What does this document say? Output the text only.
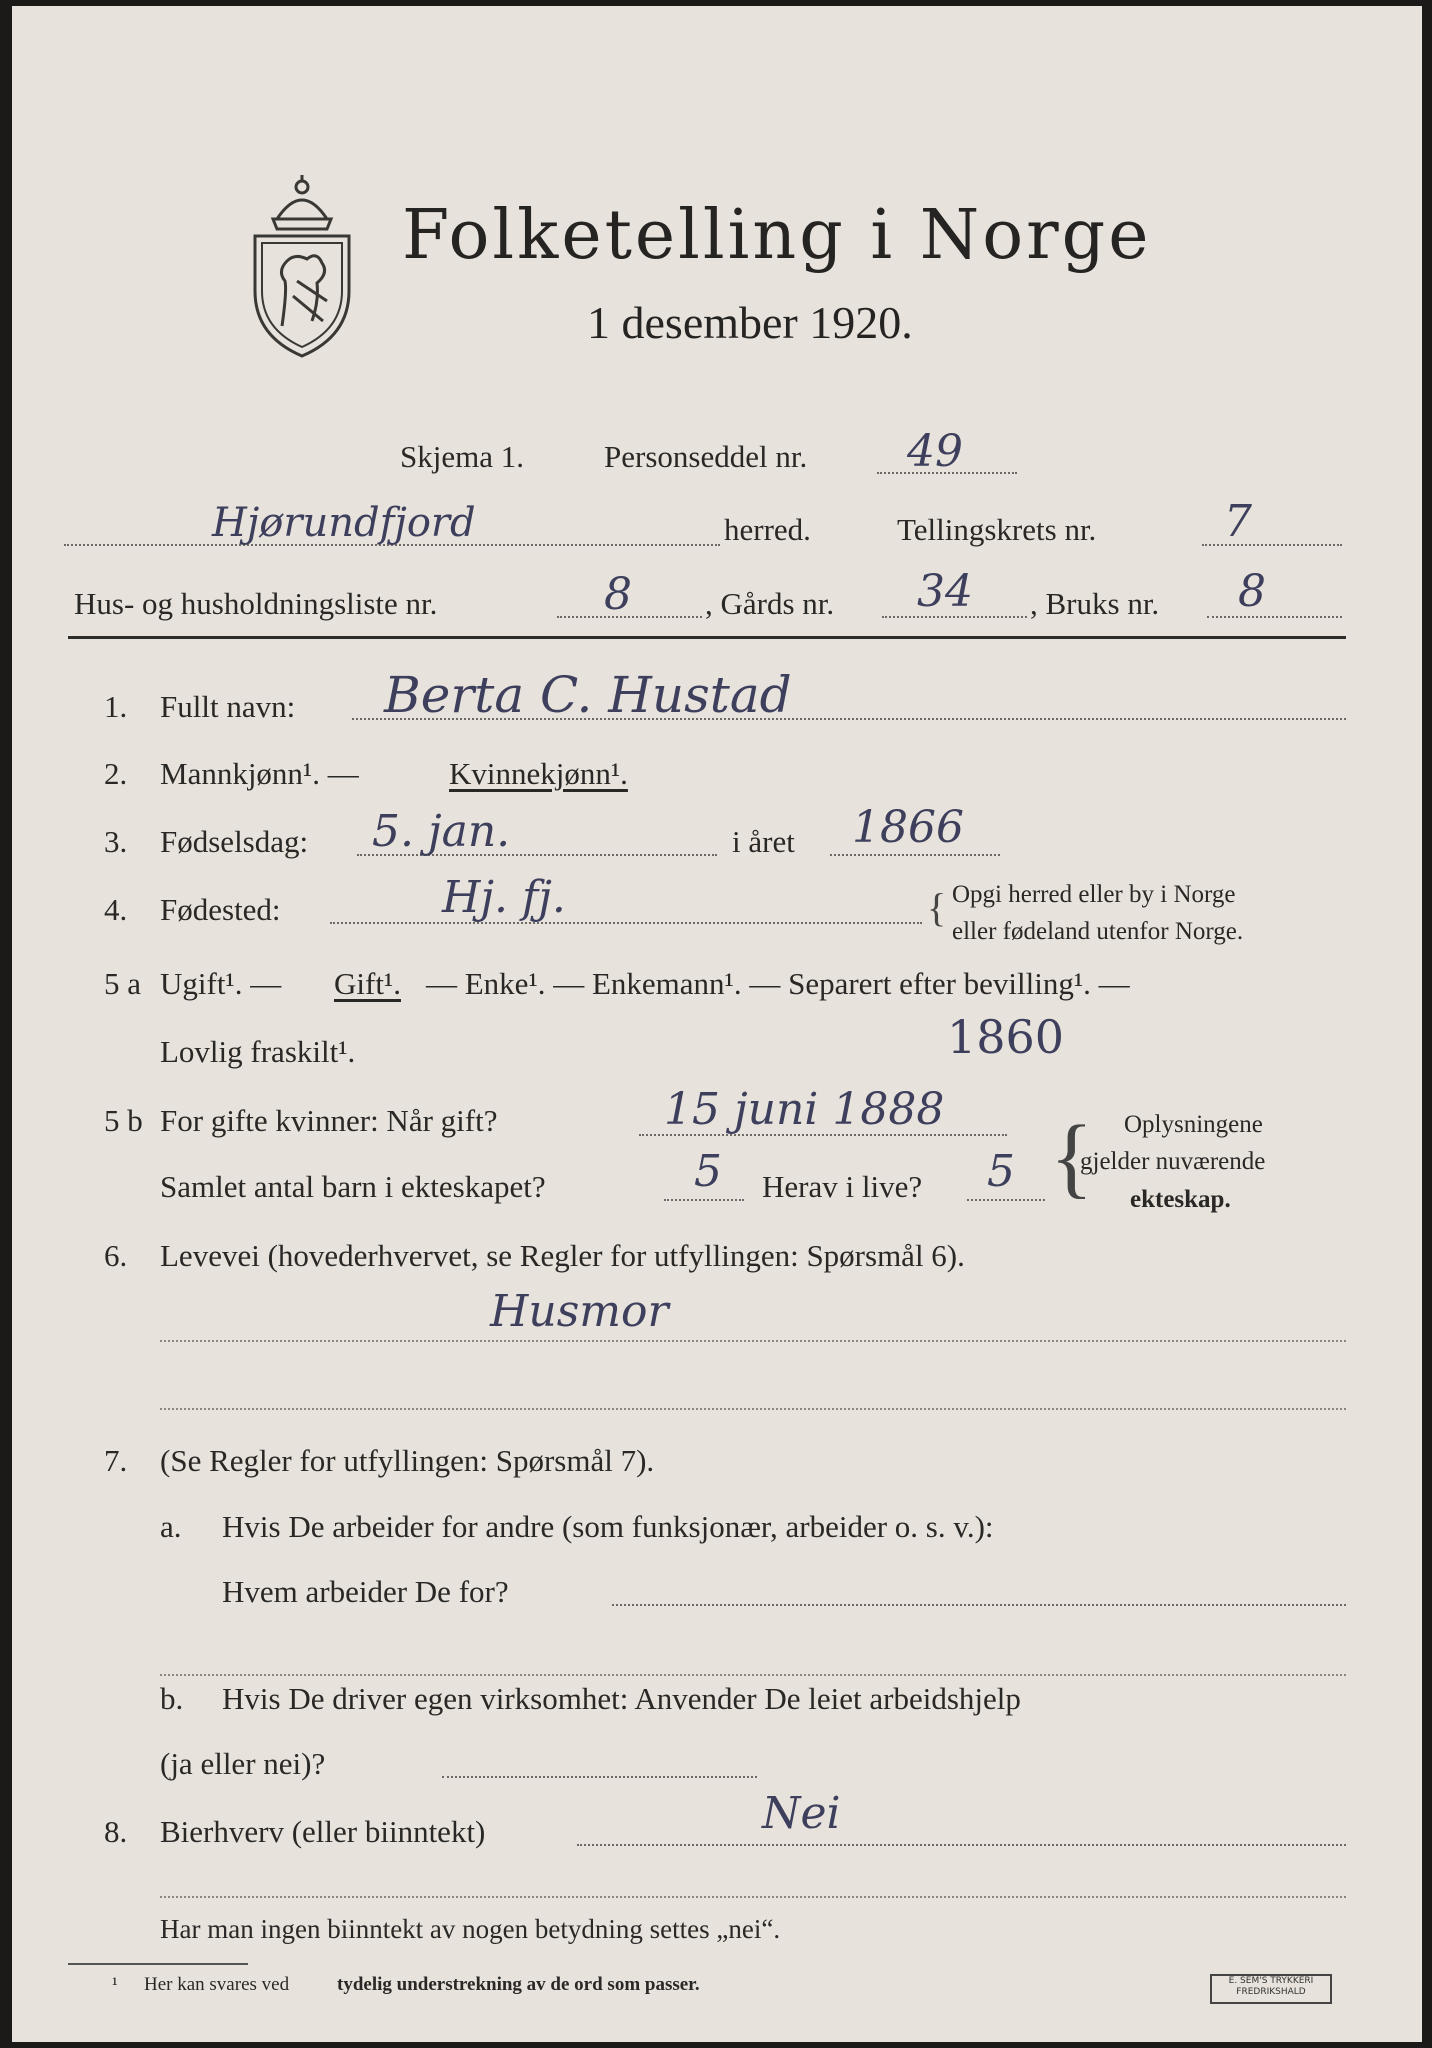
Folketelling i Norge
1 desember 1920.
Skjema 1.	Personseddel nr. 49
Hjørundfjord	herred.	Tellingskrets nr.	7
Hus- og husholdningsliste nr.	8 , Gårds nr. 34 , Bruks nr. 8
1. Fullt navn: Berta C. Hustad
2. Mannkjønn¹. —	Kvinnekjønn¹.
3. Fødselsdag: 5. jan.	i året 1866
4. Fødested:	Hj. fj.	{ Opgi herred eller by i Norge
eller fødeland utenfor Norge.
5 a Ugift¹. — Gift¹. — Enke¹. — Enkemann¹. — Separert efter bevilling¹. —
Lovlig fraskilt¹.	1860
5 b For gifte kvinner: Når gift?	15 juni 1888
Samlet antal barn i ekteskapet?	5 Herav i live? 5 { Oplysningene
gjelder nuværende
ekteskap.
6. Levevei (hovederhvervet, se Regler for utfyllingen: Spørsmål 6).
Husmor
7. (Se Regler for utfyllingen: Spørsmål 7).
a. Hvis De arbeider for andre (som funksjonær, arbeider o. s. v.):
Hvem arbeider De for?
b. Hvis De driver egen virksomhet: Anvender De leiet arbeidshjelp
(ja eller nei)?
8. Bierhverv (eller biinntekt)	Nei
Har man ingen biinntekt av nogen betydning settes „nei“.
¹ Her kan svares ved	tydelig understrekning av de ord som passer.	E. SEM'S TRYKKERI
FREDRIKSHALD
